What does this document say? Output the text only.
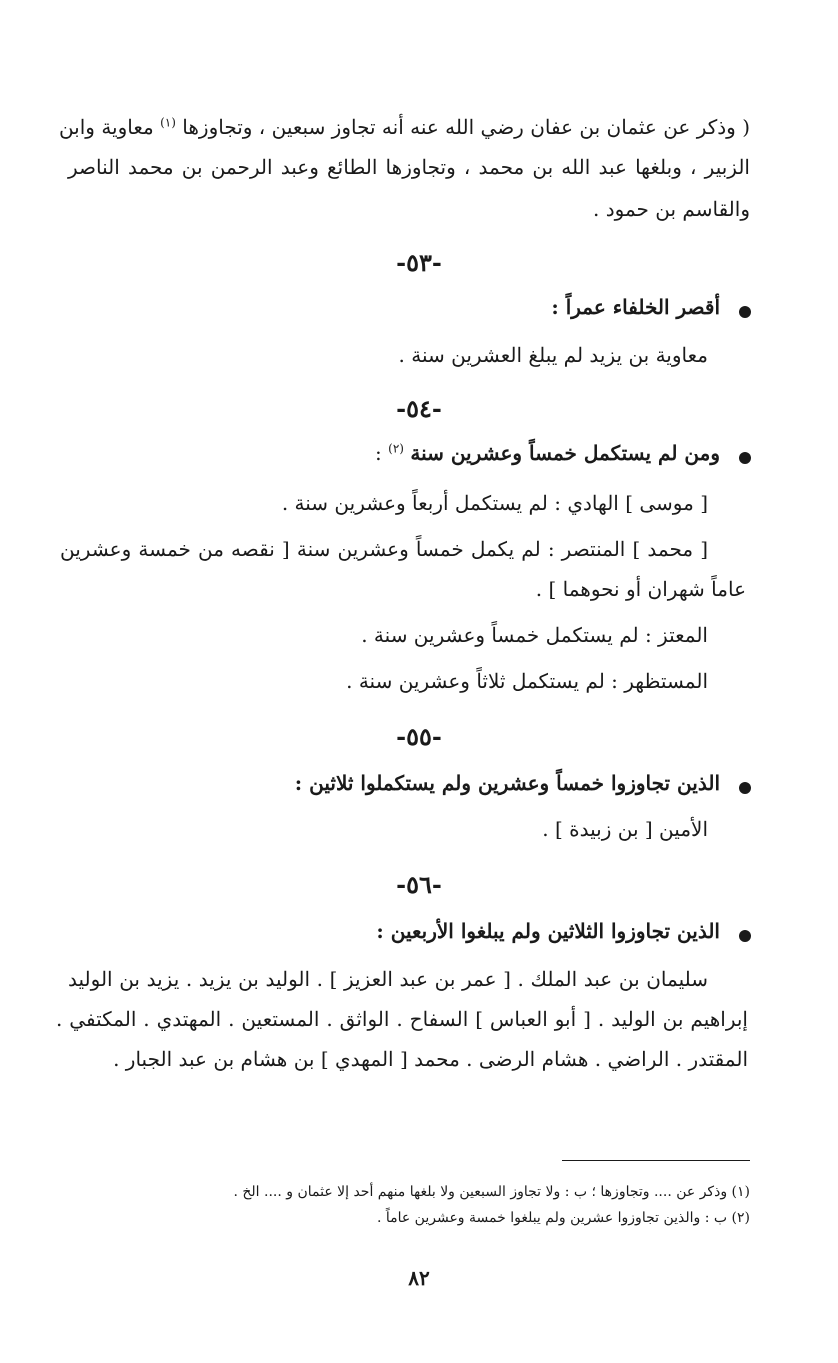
( وذكر عن عثمان بن عفان رضي الله عنه أنه تجاوز سبعين ، وتجاوزها $^{(١)}$ معاوية وابن
الزبير ، وبلغها عبد الله بن محمد ، وتجاوزها الطائع وعبد الرحمن بن محمد الناصر
والقاسم بن حمود .
-٥٣-
أقصر الخلفاء عمراً :
معاوية بن يزيد لم يبلغ العشرين سنة .
-٥٤-
ومن لم يستكمل خمساً وعشرين سنة $^{(٢)}$ :
[ موسى ] الهادي : لم يستكمل أربعاً وعشرين سنة .
[ محمد ] المنتصر : لم يكمل خمساً وعشرين سنة [ نقصه من خمسة وعشرين
عاماً شهران أو نحوهما ] .
المعتز : لم يستكمل خمساً وعشرين سنة .
المستظهر : لم يستكمل ثلاثاً وعشرين سنة .
-٥٥-
الذين تجاوزوا خمساً وعشرين ولم يستكملوا ثلاثين :
الأمين [ بن زبيدة ] .
-٥٦-
الذين تجاوزوا الثلاثين ولم يبلغوا الأربعين :
سليمان بن عبد الملك . [ عمر بن عبد العزيز ] . الوليد بن يزيد . يزيد بن الوليد
إبراهيم بن الوليد . [ أبو العباس ] السفاح . الواثق . المستعين . المهتدي . المكتفي .
المقتدر . الراضي . هشام الرضى . محمد [ المهدي ] بن هشام بن عبد الجبار .
(١) وذكر عن .... وتجاوزها ؛ ب : ولا تجاوز السبعين ولا بلغها منهم أحد إلا عثمان و .... الخ .
(٢) ب : والذين تجاوزوا عشرين ولم يبلغوا خمسة وعشرين عاماً .
٨٢
